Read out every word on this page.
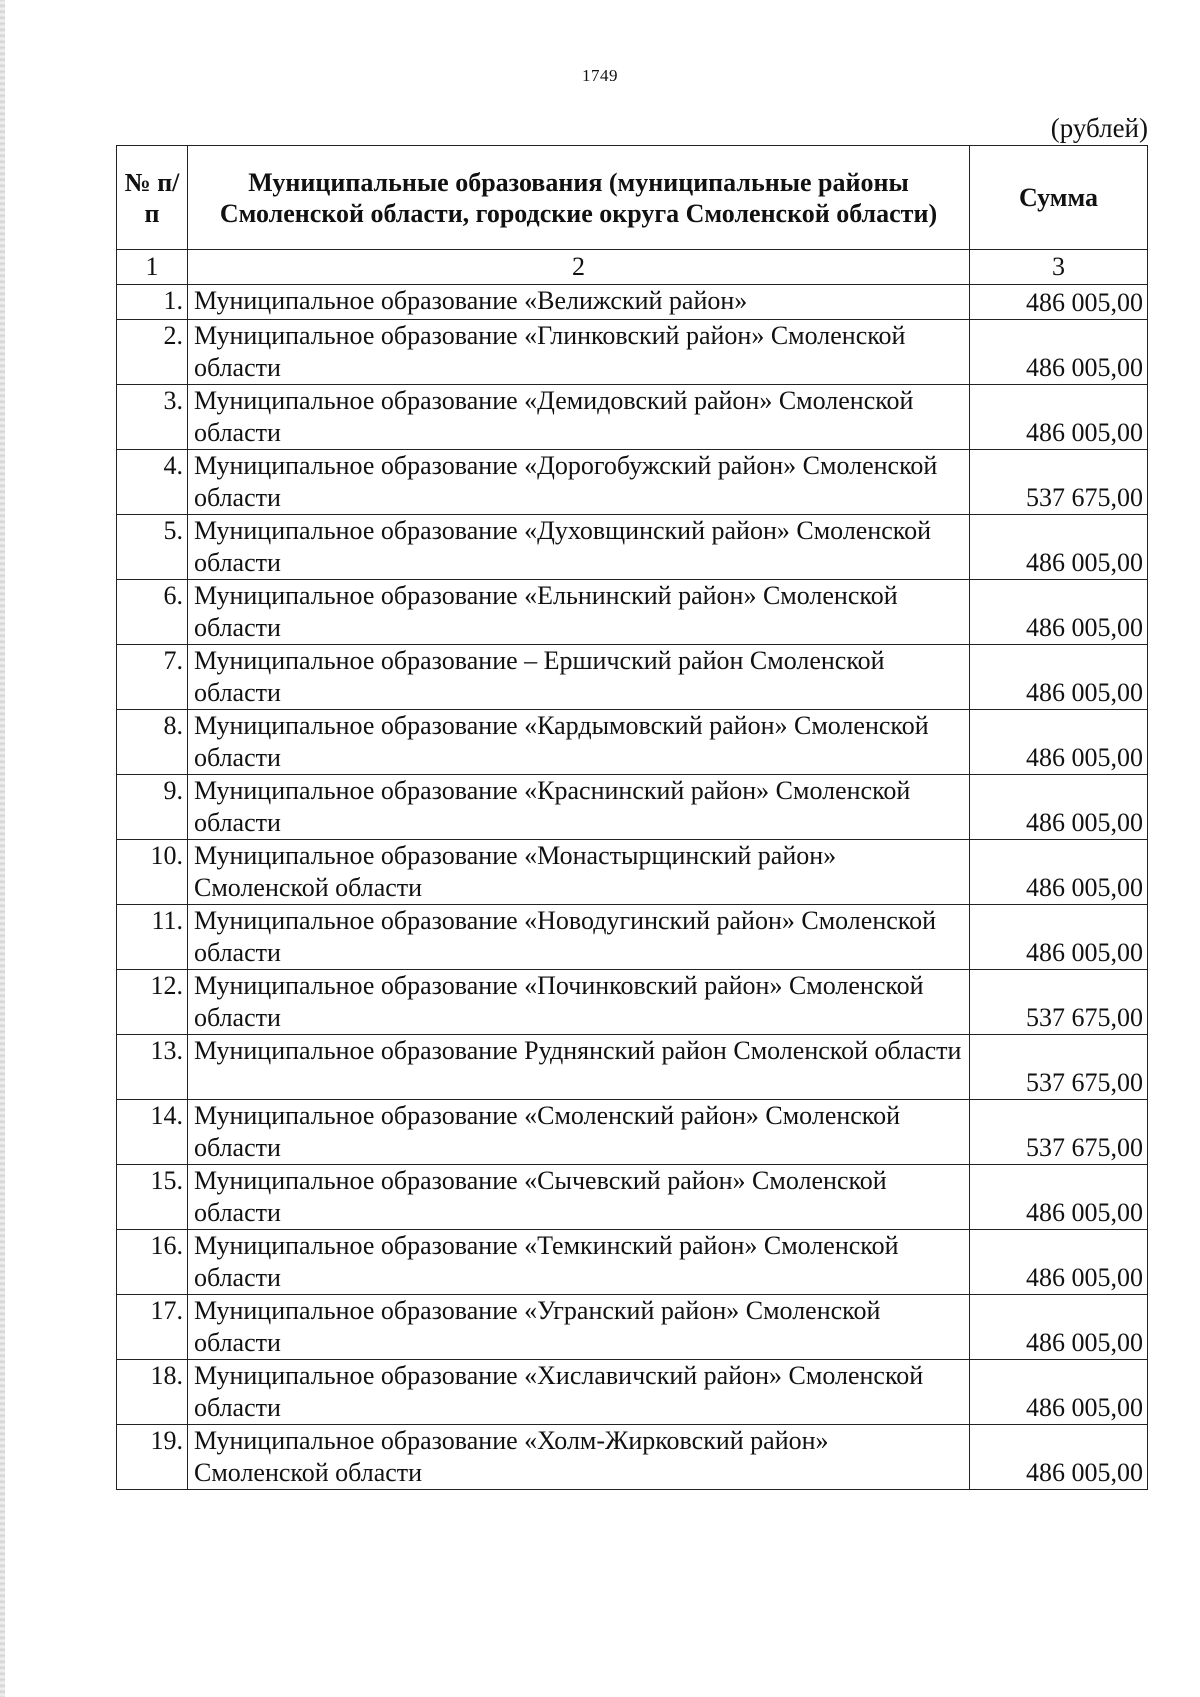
1749
(рублей)
№ п/п	Муниципальные образования (муниципальные районы Смоленской области, городские округа Смоленской области)	Сумма
1	2	3
1.	Муниципальное образование «Велижский район»	486 005,00
2.	Муниципальное образование «Глинковский район» Смоленской области	486 005,00
3.	Муниципальное образование «Демидовский район» Смоленской области	486 005,00
4.	Муниципальное образование «Дорогобужский район» Смоленской области	537 675,00
5.	Муниципальное образование «Духовщинский район» Смоленской области	486 005,00
6.	Муниципальное образование «Ельнинский район» Смоленской области	486 005,00
7.	Муниципальное образование – Ершичский район Смоленской области	486 005,00
8.	Муниципальное образование «Кардымовский район» Смоленской области	486 005,00
9.	Муниципальное образование «Краснинский район» Смоленской области	486 005,00
10.	Муниципальное образование «Монастырщинский район» Смоленской области	486 005,00
11.	Муниципальное образование «Новодугинский район» Смоленской области	486 005,00
12.	Муниципальное образование «Починковский район» Смоленской области	537 675,00
13.	Муниципальное образование Руднянский район Смоленской области	537 675,00
14.	Муниципальное образование «Смоленский район» Смоленской области	537 675,00
15.	Муниципальное образование «Сычевский район» Смоленской области	486 005,00
16.	Муниципальное образование «Темкинский район» Смоленской области	486 005,00
17.	Муниципальное образование «Угранский район» Смоленской области	486 005,00
18.	Муниципальное образование «Хиславичский район» Смоленской области	486 005,00
19.	Муниципальное образование «Холм-Жирковский район» Смоленской области	486 005,00
